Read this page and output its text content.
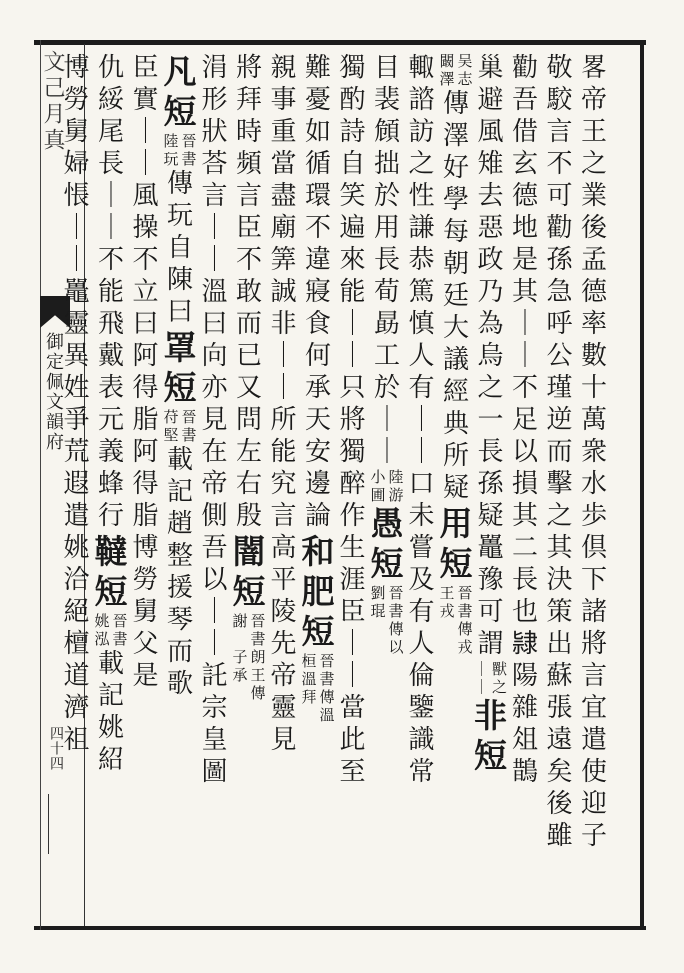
文己月真
御定佩文韻府
四十四
畧
帝
王
之
業
後
孟
德
率
數
十
萬
衆
水
歩
倶
下
諸
將
言
宜
遣
使
迎
子
敬
駮
言
不
可
勸
孫
急
呼
公
瑾
逆
而
擊
之
其
決
策
出
蘇
張
遠
矣
後
雖
勸
吾
借
玄
德
地
是
其
｜
｜
不
足
以
損
其
二
長
也
𨽻
陽
雜
俎
鵲
巢
避
風
雉
去
惡
政
乃
為
烏
之
一
長
孫
疑
鼉
豫
可
謂
獸
之
｜
｜
非
短
吴
志
闞
澤
傳
澤
好
學
每
朝
廷
大
議
經
典
所
疑
用
短
晉
書
王
戎
傳
戎
輙
諮
訪
之
性
謙
恭
篤
慎
人
有
｜
｜
口
未
嘗
及
有
人
倫
鑒
識
常
目
裴
頠
拙
於
用
長
荀
勗
工
於
｜
｜
陸
游
小
圃
愚
短
晉
書
劉
琨
傳
以
獨
酌
詩
自
笑
遍
來
能
｜
｜
只
將
獨
醉
作
生
涯
臣
｜
｜
當
此
至
難
憂
如
循
環
不
違
寢
食
何
承
天
安
邊
論
和
肥
短
晉
書
桓
溫
傳
溫
拜
親
事
重
當
盡
廟
筭
誠
非
｜
｜
所
能
究
言
高
平
陵
先
帝
靈
見
將
拜
時
頻
言
臣
不
敢
而
已
又
問
左
右
殷
闇
短
晉
書
謝
朗
王
子
承
傳
涓
形
狀
荅
言
｜
｜
溫
曰
向
亦
見
在
帝
側
吾
以
｜
｜
託
宗
皇
圖
凡
短
晉
書
陸
玩
傳
玩
自
陳
曰
罩
短
晉
書
苻
堅
載
記
趙
整
援
琴
而
歌
臣
實
｜
｜
風
操
不
立
曰
阿
得
脂
阿
得
脂
博
勞
舅
父
是
仇
綏
尾
長
｜
｜
不
能
飛
戴
表
元
義
蜂
行
韃
短
晉
書
姚
泓
載
記
姚
紹
博
勞
舅
婦
悵
｜
｜
鼉
靈
異
姓
爭
荒
遐
遣
姚
洽
絕
檀
道
濟
祖
